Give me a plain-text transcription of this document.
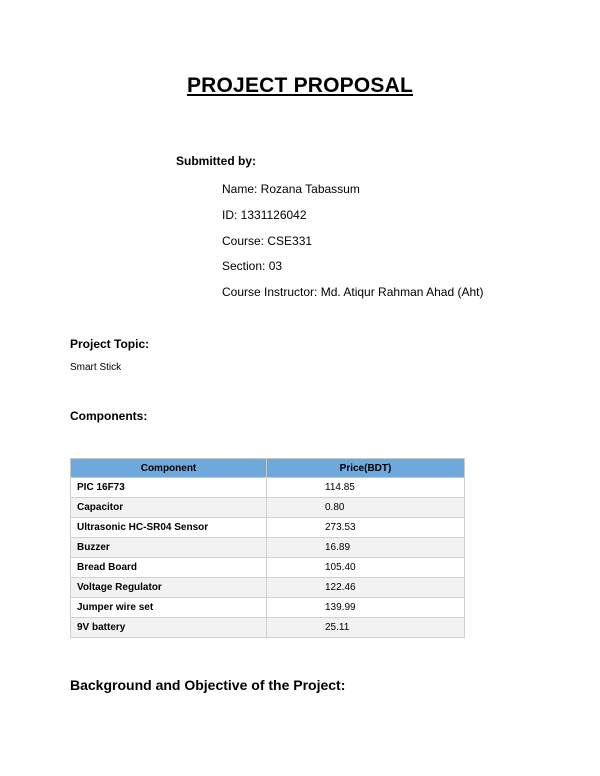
PROJECT PROPOSAL
Submitted by:
Name: Rozana Tabassum
ID: 1331126042
Course: CSE331
Section: 03
Course Instructor: Md. Atiqur Rahman Ahad (Aht)
Project Topic:
Smart Stick
Components:
Component	Price(BDT)
PIC 16F73	114.85
Capacitor	0.80
Ultrasonic HC-SR04 Sensor	273.53
Buzzer	16.89
Bread Board	105.40
Voltage Regulator	122.46
Jumper wire set	139.99
9V battery	25.11
Background and Objective of the Project:
